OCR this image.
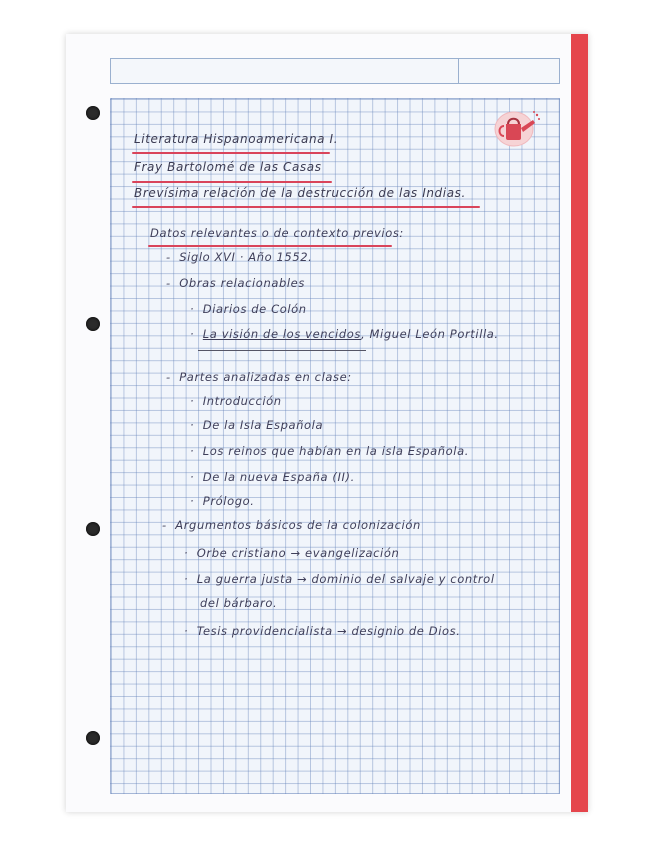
Literatura Hispanoamericana I.
Fray Bartolomé de las Casas
Brevísima relación de la destrucción de las Indias.
Datos relevantes o de contexto previos:
-  Siglo XVI · Año 1552.
-  Obras relacionables
·  Diarios de Colón
·  La visión de los vencidos, Miguel León Portilla.
-  Partes analizadas en clase:
·  Introducción
·  De la Isla Española
·  Los reinos que habían en la isla Española.
·  De la nueva España (II).
·  Prólogo.
-  Argumentos básicos de la colonización
·  Orbe cristiano → evangelización
·  La guerra justa → dominio del salvaje y control
del bárbaro.
·  Tesis providencialista → designio de Dios.
